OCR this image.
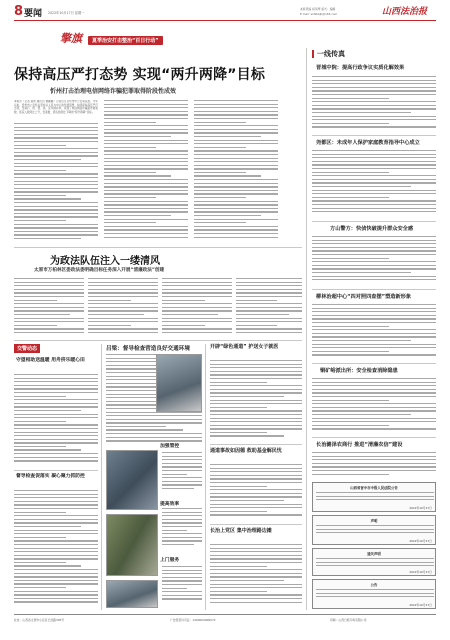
8 要闻 2022年10月17日 星期一
本版责编 杨凤琴 版式：编辑
E-mail: sxfzbbjb@163.com	山西法治报
擎旗	夏季治安打击整治“百日行动”
保持高压严打态势 实现“两升两降”目标
忻州打击治理电信网络诈骗犯罪取得阶段性成效
本报讯（记者 南伟 通讯员 曹鹏鹏）记者近日从忻州市公安局获悉，今年以来，忻州市公安机关坚持以人民为中心的发展思想，持续保持高压严打态势，坚持打、防、管、控、宣多措并举，实现了电信网络诈骗案件破案数、抓获人数同比上升，发案数、损失数同比下降的“两升两降”目标。
为政法队伍注入一缕清风
太原市万柏林区委政法委明确目标任务深入开展“清廉政法”创建
交警动态
守望相助送温暖 用舟挤乐暖心田
督导检查促落实 凝心聚力抓防控
吕梁：督导检查营造良好交通环境
加强管控
提高效率
上门服务
开辟“绿色通道” 护送女子就医
通道事故如因德 救助基金解民忧
长治上党区 集中治理路边摊
一线传真
晋城中院：提高行政争议实质化解效果
尧都区：未成年人保护家庭教育指导中心成立
方山警方：快侦快破提升群众安全感
柳林治超中心“四对照四查摆”塑造新形象
铜矿峪派出所：安全检查消除隐患
长治潞泽农商行 推进“清廉农信”建设
山西省晋中市中级人民法院公告
2022年10月17日
声明
2022年10月17日
遗失声明
2022年10月17日
公告
2022年10月17日
社址：山西省太原市小店区长治路305号	广告经营许可证：1400004000072	印刷：山西日报印务有限公司
